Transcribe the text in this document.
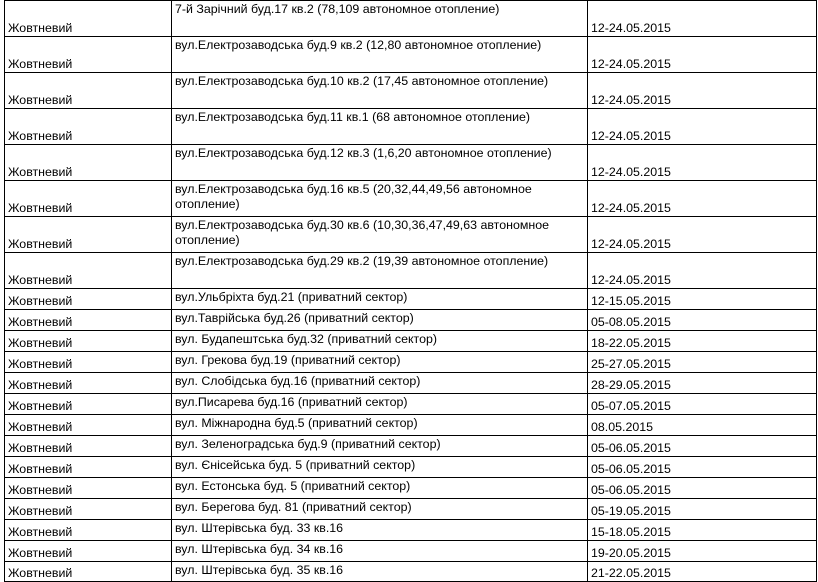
Жовтневий	7-й Зарічний буд.17 кв.2 (78,109 автономное отопление)	12-24.05.2015
Жовтневий	вул.Електрозаводська буд.9 кв.2 (12,80 автономное отопление)	12-24.05.2015
Жовтневий	вул.Електрозаводська буд.10 кв.2 (17,45 автономное отопление)	12-24.05.2015
Жовтневий	вул.Електрозаводська буд.11 кв.1 (68 автономное отопление)	12-24.05.2015
Жовтневий	вул.Електрозаводська буд.12 кв.3 (1,6,20 автономное отопление)	12-24.05.2015
Жовтневий	вул.Електрозаводська буд.16 кв.5 (20,32,44,49,56 автономное отопление)	12-24.05.2015
Жовтневий	вул.Електрозаводська буд.30 кв.6 (10,30,36,47,49,63 автономное отопление)	12-24.05.2015
Жовтневий	вул.Електрозаводська буд.29 кв.2 (19,39 автономное отопление)	12-24.05.2015
Жовтневий	вул.Ульбріхта буд.21 (приватний сектор)	12-15.05.2015
Жовтневий	вул.Таврійська буд.26 (приватний сектор)	05-08.05.2015
Жовтневий	вул. Будапештська буд.32 (приватний сектор)	18-22.05.2015
Жовтневий	вул. Грекова буд.19 (приватний сектор)	25-27.05.2015
Жовтневий	вул. Слобідська буд.16 (приватний сектор)	28-29.05.2015
Жовтневий	вул.Писарева буд.16 (приватний сектор)	05-07.05.2015
Жовтневий	вул. Міжнародна буд.5 (приватний сектор)	08.05.2015
Жовтневий	вул. Зеленоградська буд.9 (приватний сектор)	05-06.05.2015
Жовтневий	вул. Єнісейська буд. 5 (приватний сектор)	05-06.05.2015
Жовтневий	вул. Естонська буд. 5 (приватний сектор)	05-06.05.2015
Жовтневий	вул. Берегова буд. 81 (приватний сектор)	05-19.05.2015
Жовтневий	вул. Штерівська буд. 33 кв.16	15-18.05.2015
Жовтневий	вул. Штерівська буд. 34 кв.16	19-20.05.2015
Жовтневий	вул. Штерівська буд. 35 кв.16	21-22.05.2015
